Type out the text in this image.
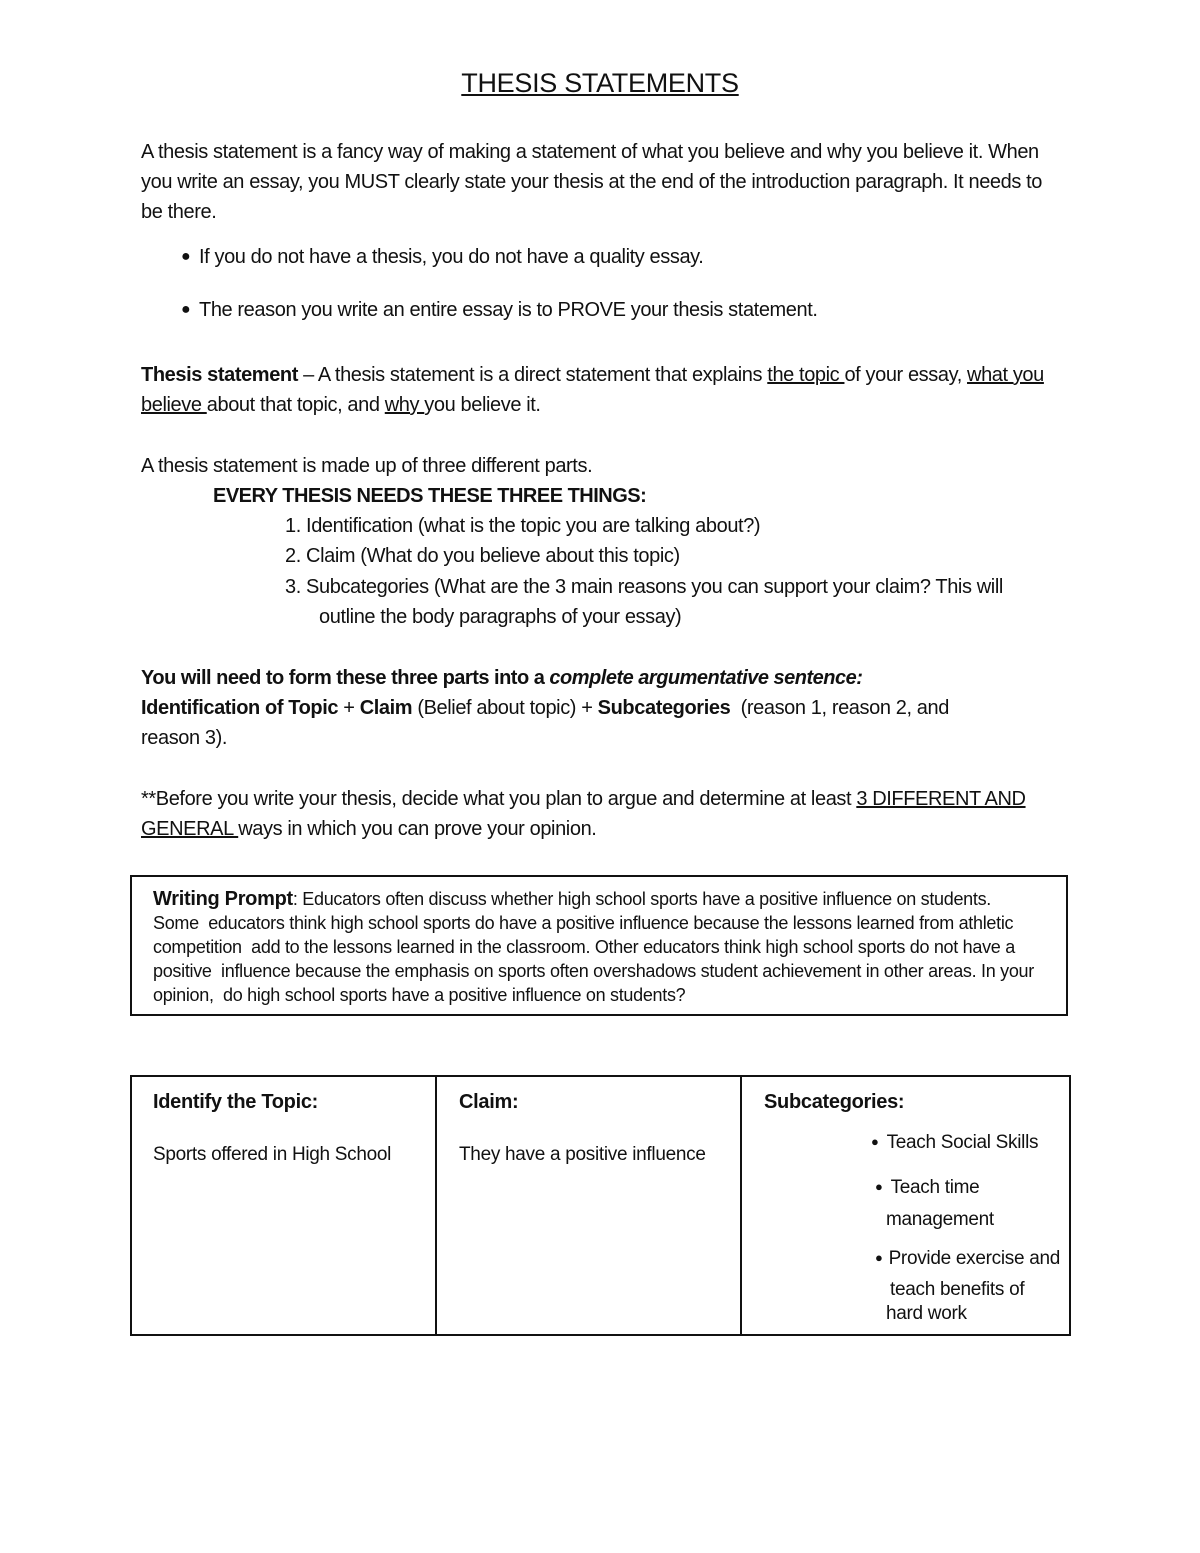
THESIS STATEMENTS
A thesis statement is a fancy way of making a statement of what you believe and why you believe it. When
you write an essay, you MUST clearly state your thesis at the end of the introduction paragraph. It needs to
be there.
● If you do not have a thesis, you do not have a quality essay.
● The reason you write an entire essay is to PROVE your thesis statement.
Thesis statement – A thesis statement is a direct statement that explains the topic of your essay, what you
believe about that topic, and why you believe it.
A thesis statement is made up of three different parts.
EVERY THESIS NEEDS THESE THREE THINGS:
1. Identification (what is the topic you are talking about?)
2. Claim (What do you believe about this topic)
3. Subcategories (What are the 3 main reasons you can support your claim? This will
outline the body paragraphs of your essay)
You will need to form these three parts into a complete argumentative sentence:
Identification of Topic + Claim (Belief about topic) + Subcategories  (reason 1, reason 2, and
reason 3).
**Before you write your thesis, decide what you plan to argue and determine at least 3 DIFFERENT AND
GENERAL ways in which you can prove your opinion.
Writing Prompt: Educators often discuss whether high school sports have a positive influence on students.
Some  educators think high school sports do have a positive influence because the lessons learned from athletic
competition  add to the lessons learned in the classroom. Other educators think high school sports do not have a
positive  influence because the emphasis on sports often overshadows student achievement in other areas. In your
opinion,  do high school sports have a positive influence on students?
Identify the Topic:
Sports offered in High School
Claim:
They have a positive influence
Subcategories:
● Teach Social Skills
● Teach time
management
● Provide exercise and
teach benefits of
hard work
